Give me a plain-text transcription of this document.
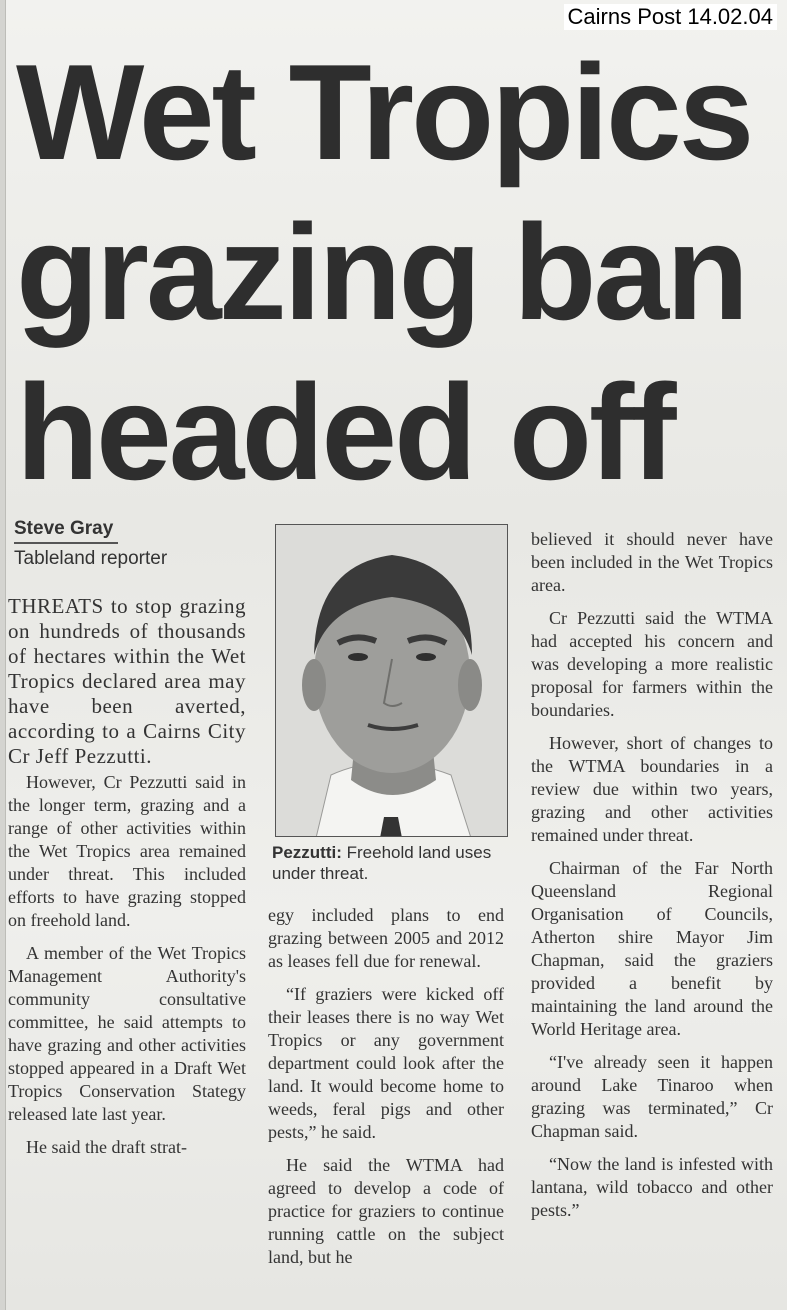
Cairns Post 14.02.04
Wet Tropics
grazing ban
headed off
Steve Gray
Tableland reporter

THREATS to stop grazing on hundreds of thousands of hectares within the Wet Tropics declared area may have been averted, according to a Cairns City Cr Jeff Pezzutti.

However, Cr Pezzutti said in the longer term, grazing and a range of other activities within the Wet Tropics area remained under threat. This included efforts to have grazing stopped on freehold land.

A member of the Wet Tropics Management Authority's community consultative committee, he said attempts to have grazing and other activities stopped appeared in a Draft Wet Tropics Conservation Stategy released late last year.

He said the draft strat-

Pezzutti: Freehold land uses under threat.

egy included plans to end grazing between 2005 and 2012 as leases fell due for renewal.

“If graziers were kicked off their leases there is no way Wet Tropics or any government department could look after the land. It would become home to weeds, feral pigs and other pests,” he said.

He said the WTMA had agreed to develop a code of practice for graziers to continue running cattle on the subject land, but he

believed it should never have been included in the Wet Tropics area.

Cr Pezzutti said the WTMA had accepted his concern and was developing a more realistic proposal for farmers within the boundaries.

However, short of changes to the WTMA boundaries in a review due within two years, grazing and other activities remained under threat.

Chairman of the Far North Queensland Regional Organisation of Councils, Atherton shire Mayor Jim Chapman, said the graziers provided a benefit by maintaining the land around the World Heritage area.

“I've already seen it happen around Lake Tinaroo when grazing was terminated,” Cr Chapman said.

“Now the land is infested with lantana, wild tobacco and other pests.”
